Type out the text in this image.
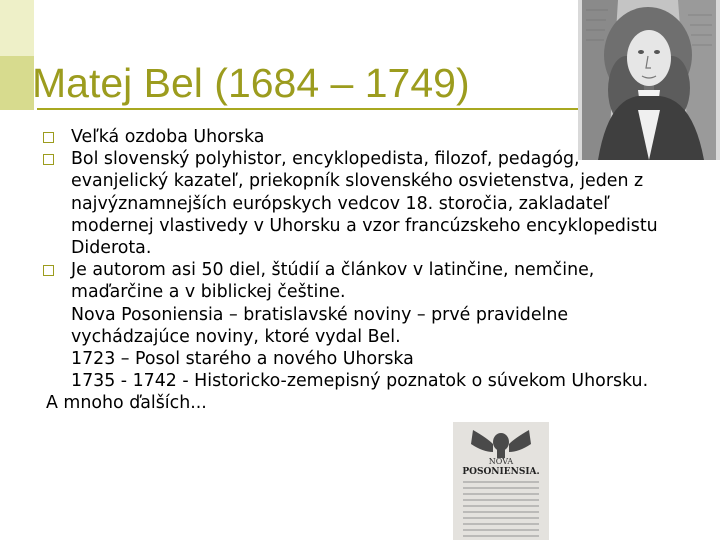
Matej Bel (1684 – 1749)
Veľká ozdoba Uhorska
Bol slovenský polyhistor, encyklopedista, filozof, pedagóg, evanjelický kazateľ, priekopník slovenského osvietenstva, jeden z najvýznamnejších európskych vedcov 18. storočia, zakladateľ modernej vlastivedy v Uhorsku a vzor francúzskeho encyklopedistu Diderota.
Je autorom asi 50 diel, štúdií a článkov v latinčine, nemčine, maďarčine a v biblickej češtine.
Nova Posoniensia – bratislavské noviny – prvé pravidelne vychádzajúce noviny, ktoré vydal Bel.
1723 – Posol starého a nového Uhorska
1735 - 1742 - Historicko-zemepisný poznatok o súvekom Uhorsku.
A mnoho ďalších...
NOVA
POSONIENSIA.
